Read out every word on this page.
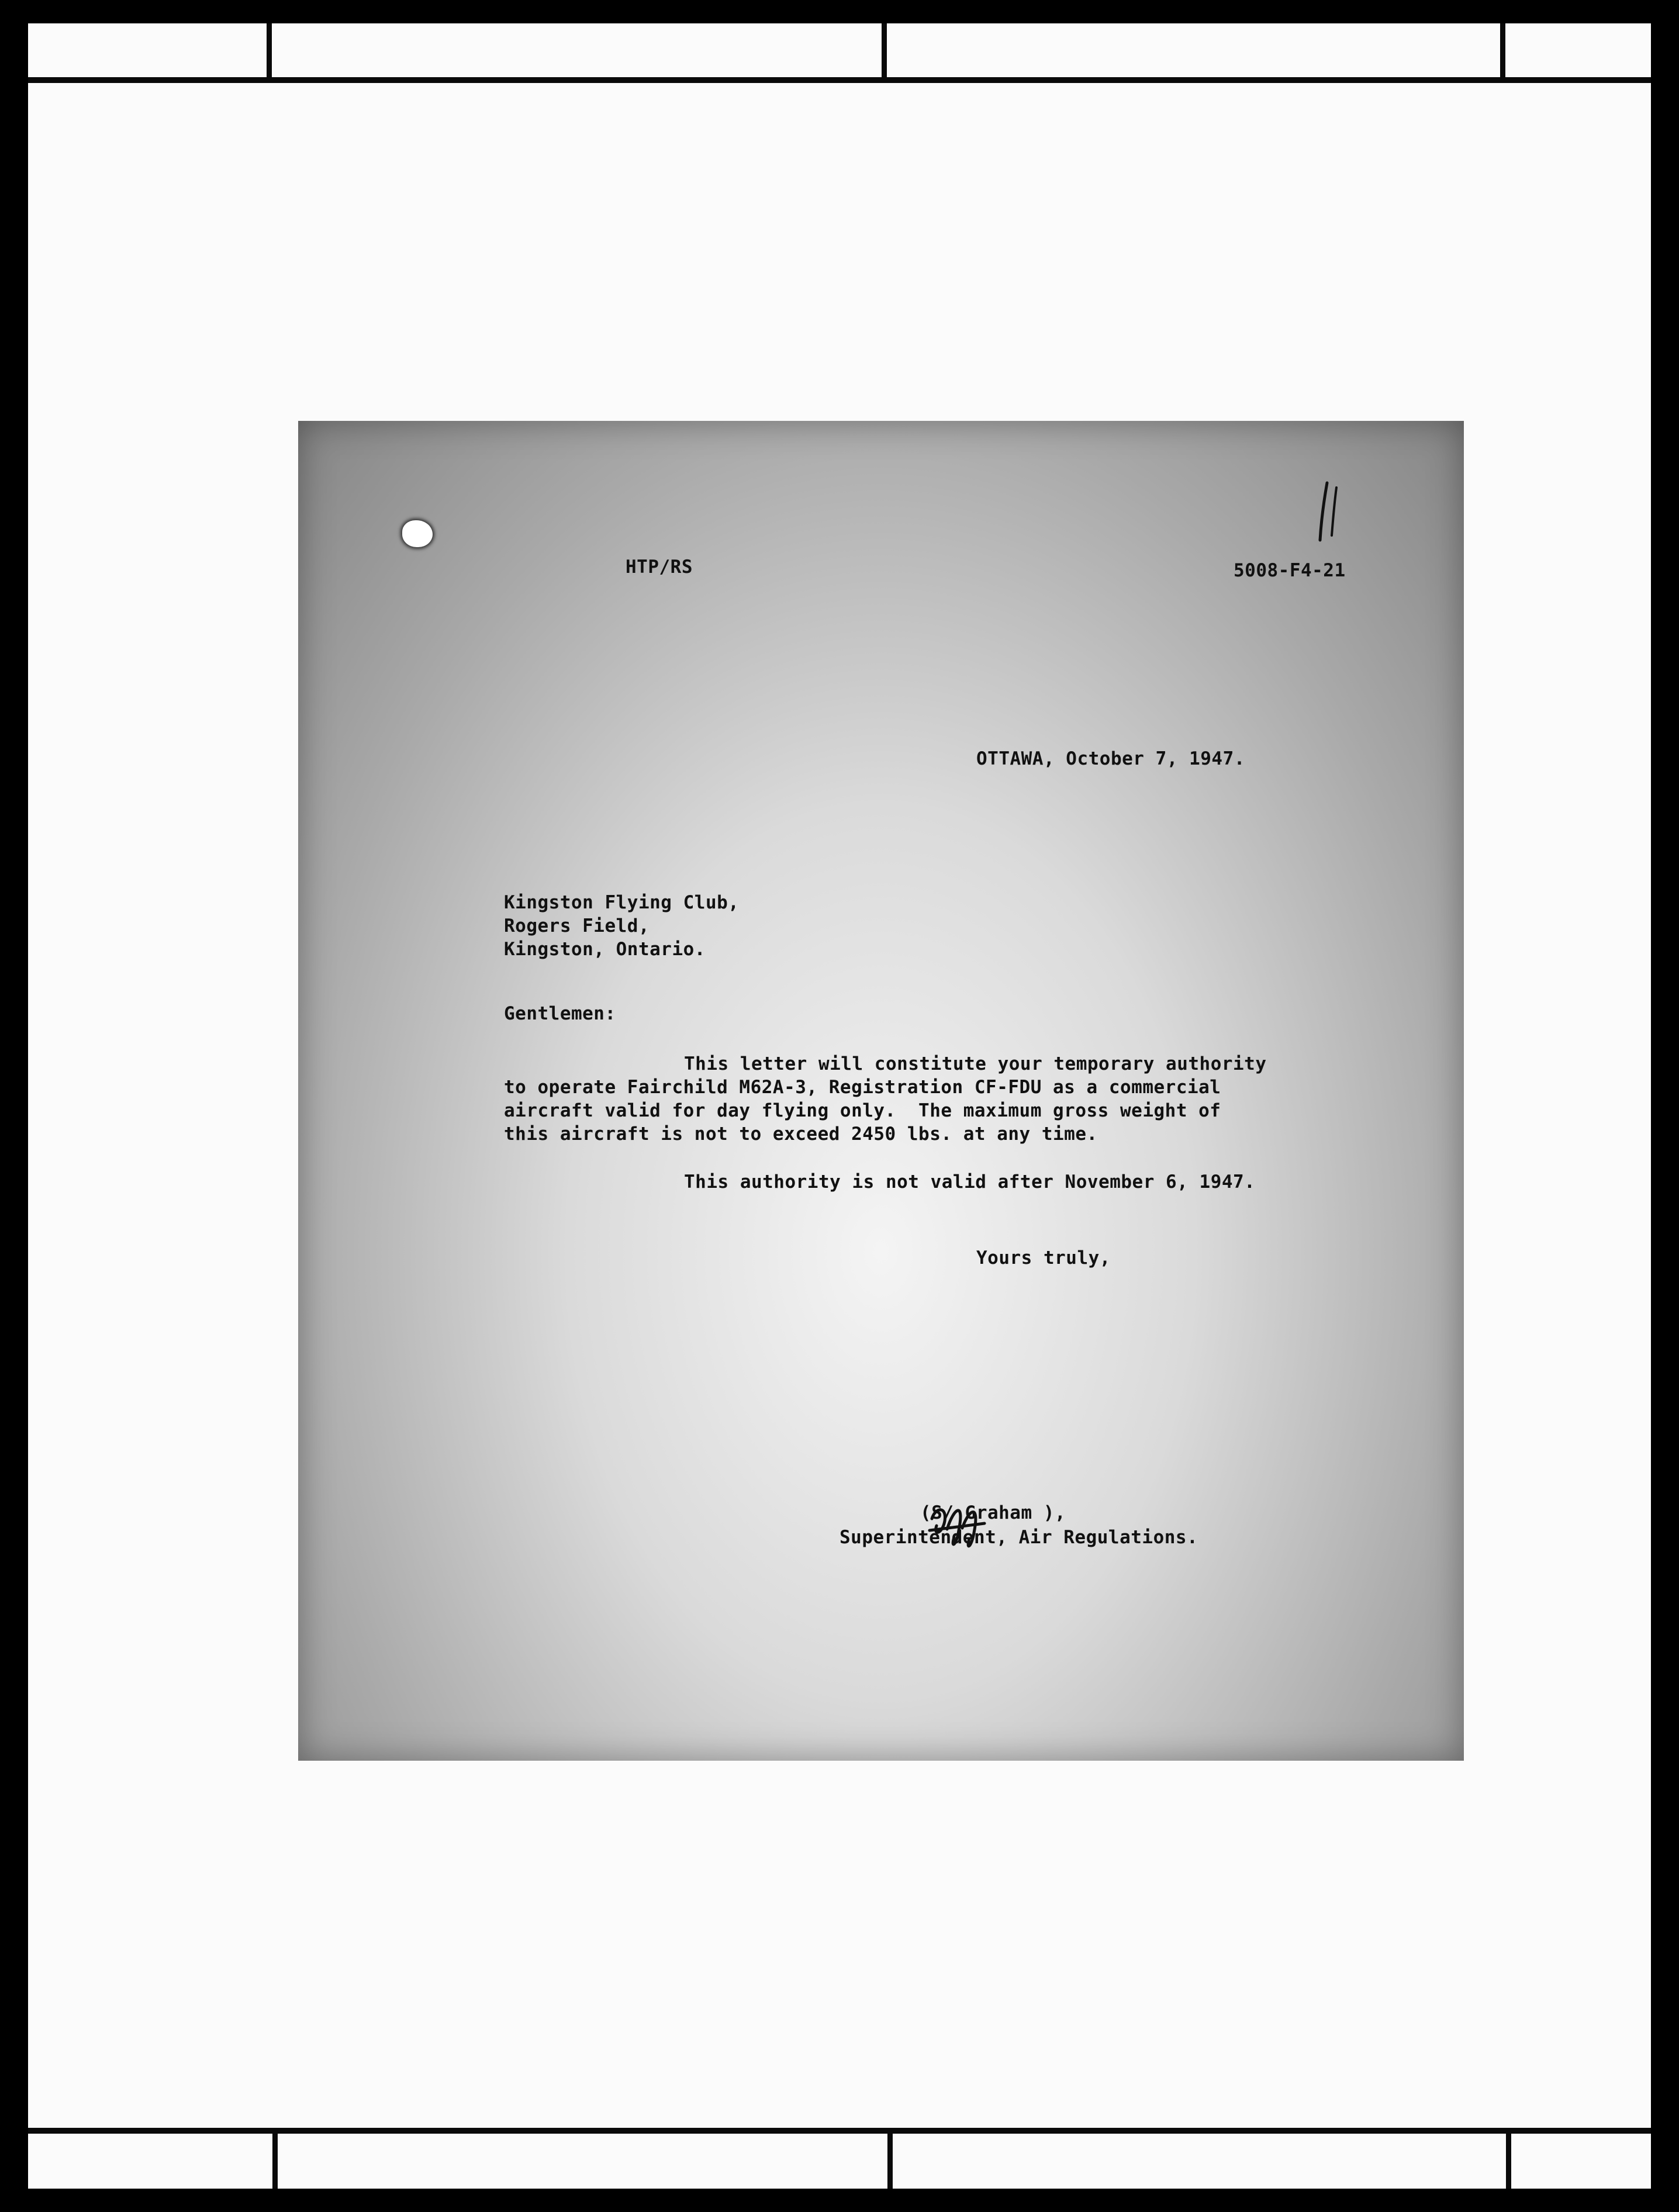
HTP/RS	5008-F4-21
OTTAWA, October 7, 1947.
Kingston Flying Club,
Rogers Field,
Kingston, Ontario.
Gentlemen:
This letter will constitute your temporary authority
to operate Fairchild M62A-3, Registration CF-FDU as a commercial
aircraft valid for day flying only.  The maximum gross weight of
this aircraft is not to exceed 2450 lbs. at any time.
This authority is not valid after November 6, 1947.
Yours truly,
(S/ Graham ),
Superintendent, Air Regulations.
